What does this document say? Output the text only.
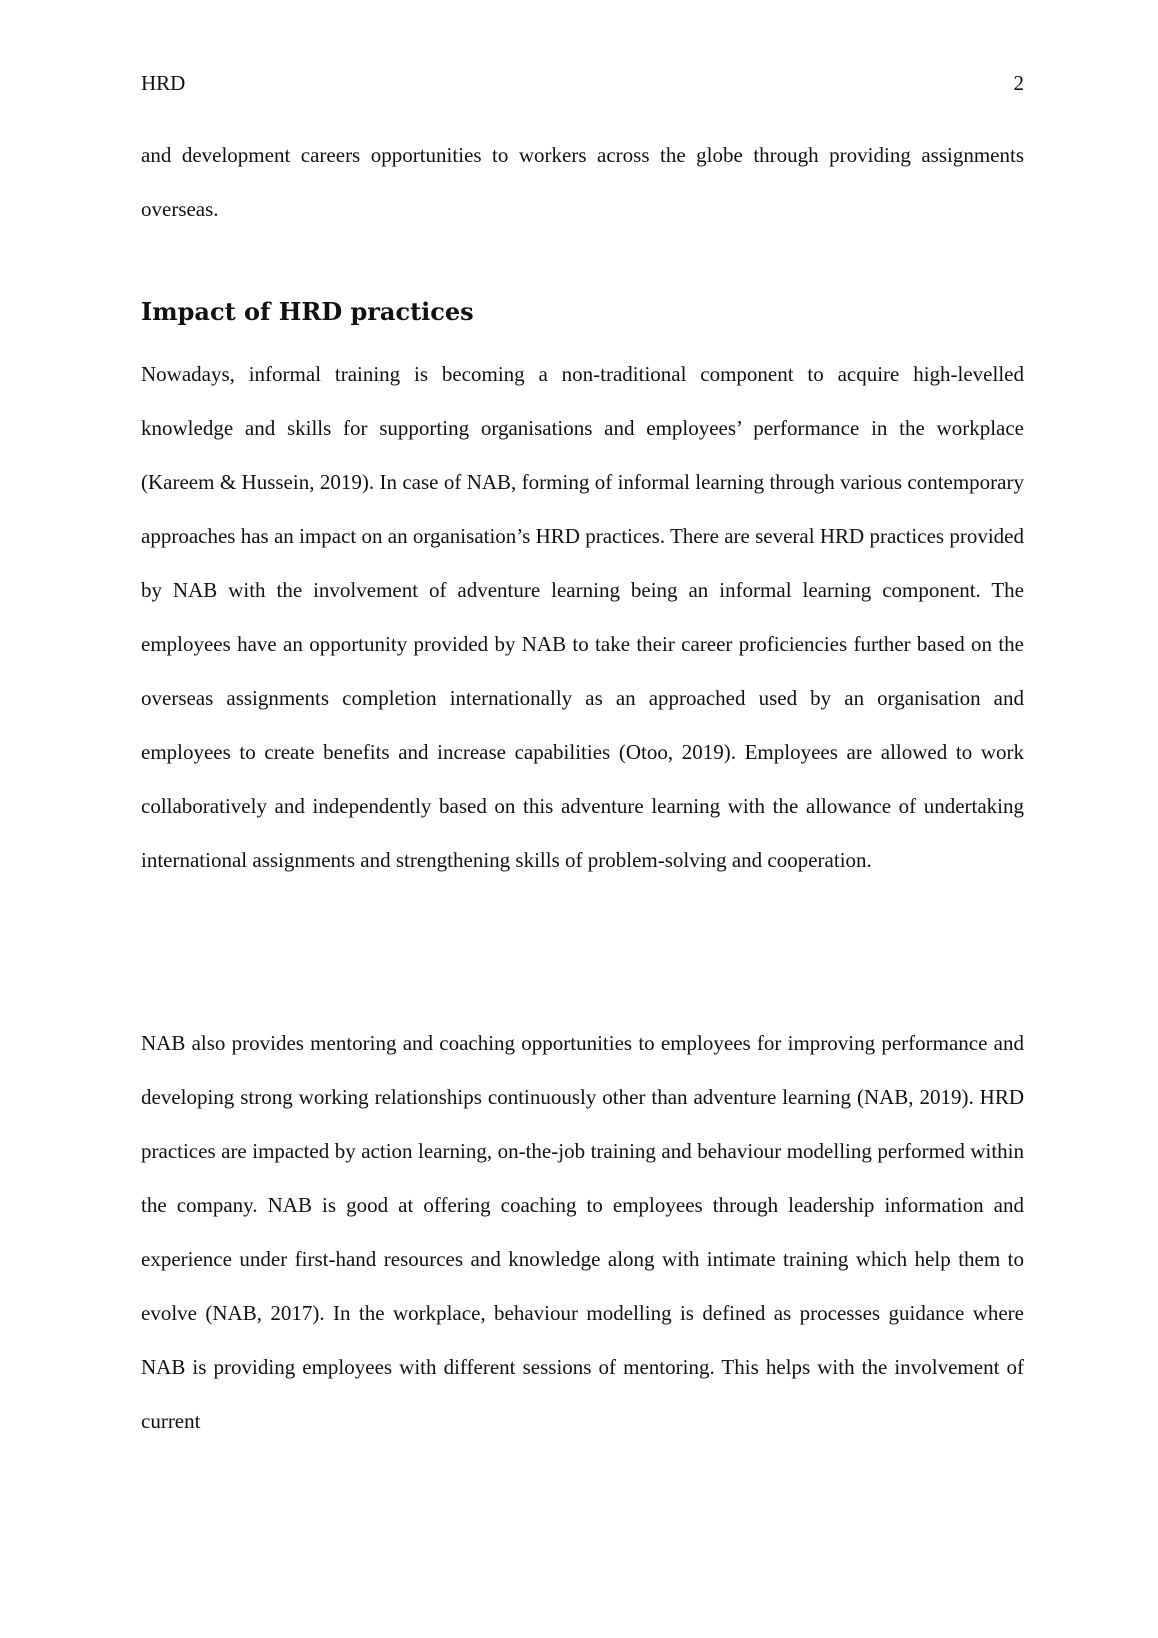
HRD	2

and development careers opportunities to workers across the globe through providing assignments overseas.

Impact of HRD practices

Nowadays, informal training is becoming a non-traditional component to acquire high-levelled knowledge and skills for supporting organisations and employees’ performance in the workplace (Kareem & Hussein, 2019). In case of NAB, forming of informal learning through various contemporary approaches has an impact on an organisation’s HRD practices. There are several HRD practices provided by NAB with the involvement of adventure learning being an informal learning component. The employees have an opportunity provided by NAB to take their career proficiencies further based on the overseas assignments completion internationally as an approached used by an organisation and employees to create benefits and increase capabilities (Otoo, 2019). Employees are allowed to work collaboratively and independently based on this adventure learning with the allowance of undertaking international assignments and strengthening skills of problem-solving and cooperation.

NAB also provides mentoring and coaching opportunities to employees for improving performance and developing strong working relationships continuously other than adventure learning (NAB, 2019). HRD practices are impacted by action learning, on-the-job training and behaviour modelling performed within the company. NAB is good at offering coaching to employees through leadership information and experience under first-hand resources and knowledge along with intimate training which help them to evolve (NAB, 2017). In the workplace, behaviour modelling is defined as processes guidance where NAB is providing employees with different sessions of mentoring. This helps with the involvement of current
